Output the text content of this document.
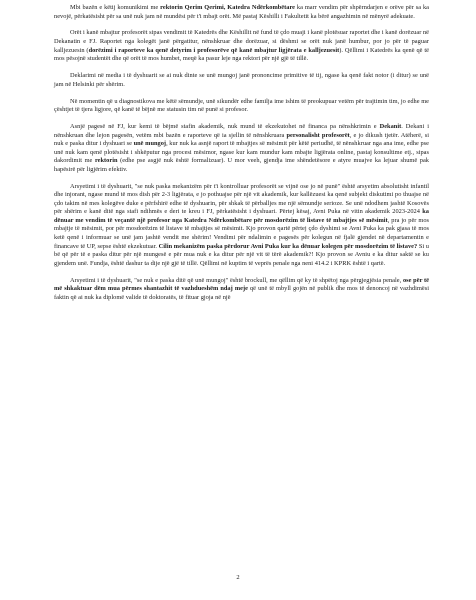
Mbi bazën e këtij komunikimi me rektorin Qerim Qerimi, Katedra Ndërkombëtare ka marr vendim për shpërndarjen e orëve për sa ka nevojë, përkatësisht për sa unë nuk jam në mundësi për t'i mbajt orët. Më pastaj Këshilli i Fakultetit ka bërë angazhimin në mënyrë adekuate.

Orët i kanë mbajtur profesorët sipas vendimit të Katedrës dhe Këshillit në fund të çdo muaji i kanë plotësuar raportet dhe i kanë dorëzuar në Dekanatin e FJ. Raportet nga kolegët janë përgatitur, nënshkruar dhe dorëzuar, si dëshmi se orët nuk janë humbur, por jo për të paguar kalljezuesin (dorëzimi i raporteve ka qenë detyrim i profesorëve që kanë mbajtur ligjërata e kalljezuesit). Qëllimi i Katedrës ka qenë që të mos pësojnë studentët dhe që orët të mos humbet, meqë ka pasur leje nga rektori për një gjë të tillë.

Deklarimi në media i të dyshuarit se ai nuk dinte se unë mungoj janë prononcime primitive të tij, ngase ka qenë fakt notor (i ditur) se unë jam në Helsinki për shërim.

Në momentin që u diagnostikova me këtë sëmundje, unë sikundër edhe familja ime ishim të preokupuar vetëm për trajtimin tim, jo edhe me çështjet të tjera ligjore, që kanë të bëjnë me statusin tim në punë si profesor.

Asnjë pagesë në FJ, kur kemi të bëjmë stafin akademik, nuk mund të ekzekutohet në financa pa nënshkrimin e Dekanit. Dekani i nënshkruan dhe lejon pagesën, vetëm mbi bazën e raporteve që ia sjellin të nënshkruara personalisht profesorët, e jo dikush tjetër. Atëherë, si nuk e paska ditur i dyshuari se unë mungoj, kur nuk ka asnjë raport të mbajtjes së mësimit për këtë periudhë, të nënshkruar nga ana ime, edhe pse unë nuk kam qenë plotësisht i shkëputur nga procesi mësimor, ngase kur kam mundur kam mbajte ligjërata online, pastaj konsultime etj., sipas dakordimit me rektorin (edhe pse asgjë nuk është formalizuar). U mor veeh, gjendja ime shëndetësore e atyre muajve ka lejuar shumë pak hapësirë për ligjërim efektiv.

Arsyetimi i të dyshuarit, "se nuk paska mekanizëm për t'i kontrolluar profesorët se vijnë ose jo në punë" është arsyetim absolutisht infantil dhe injorant, ngase mund të mos dish për 2-3 ligjërata, e jo pothuajse për një vit akademik, kur kallëzuesi ka qenë subjekt diskutimi po thuajse në çdo takim në mes kolegëve duke e përfshirë edhe të dyshuarin, për shkak të përballjes me një sëmundje serioze. Se unë ndodhem jashtë Kosovës për shërim e kanë ditë nga stafi ndihmës e deri te kreu i FJ, përkatësisht i dyshuari. Përtej kësaj, Avni Puka në vitin akademik 2023-2024 ka dënuar me vendim të veçantë një profesor nga Katedra Ndërkombëtare për mosdorëzim të listave të mbajtjes së mësimit, pra jo për mos mbajtje të mësimit, por për mosdorëzim të listave të mbajtjes së mësimit. Kjo provon qartë përtej çdo dyshimi se Avni Puka ka pak gjasa të mos ketë qenë i informuar se unë jam jashtë vendit me shërim! Vendimi për ndalimin e pagesës për kolegun në fjalë gjendet në departamentin e financave të UP, sepse është ekzekutuar. Cilin mekanizëm paska përdorur Avni Puka kur ka dënuar kolegen për mosdorëzim të listave? Si u bë që për të e paska ditur për një mungesë e për mua nuk e ka ditur për një vit të tërë akademik?! Kjo provon se Avniu e ka ditur saktë se ku gjendem unë. Fundja, është dashur ta dije një gjë të tillë. Qëllimi në kuptim të veprës penale nga neni 414.2 i KPRK është i qartë.

Arsyetimi i të dyshuarit, "se nuk e paska ditë që unë mungoj" është brockull, me qëllim që ky të shpëtoj nga përgjegjësia penale, ose për të më shkaktuar dëm mua përmes shantazhit të vazhdueshëm ndaj meje që unë të mbyll gojën në publik dhe mos të denoncoj në vazhdimësi faktin që ai nuk ka diplomë valide të doktoratës, të fituar gjoja në një

2
